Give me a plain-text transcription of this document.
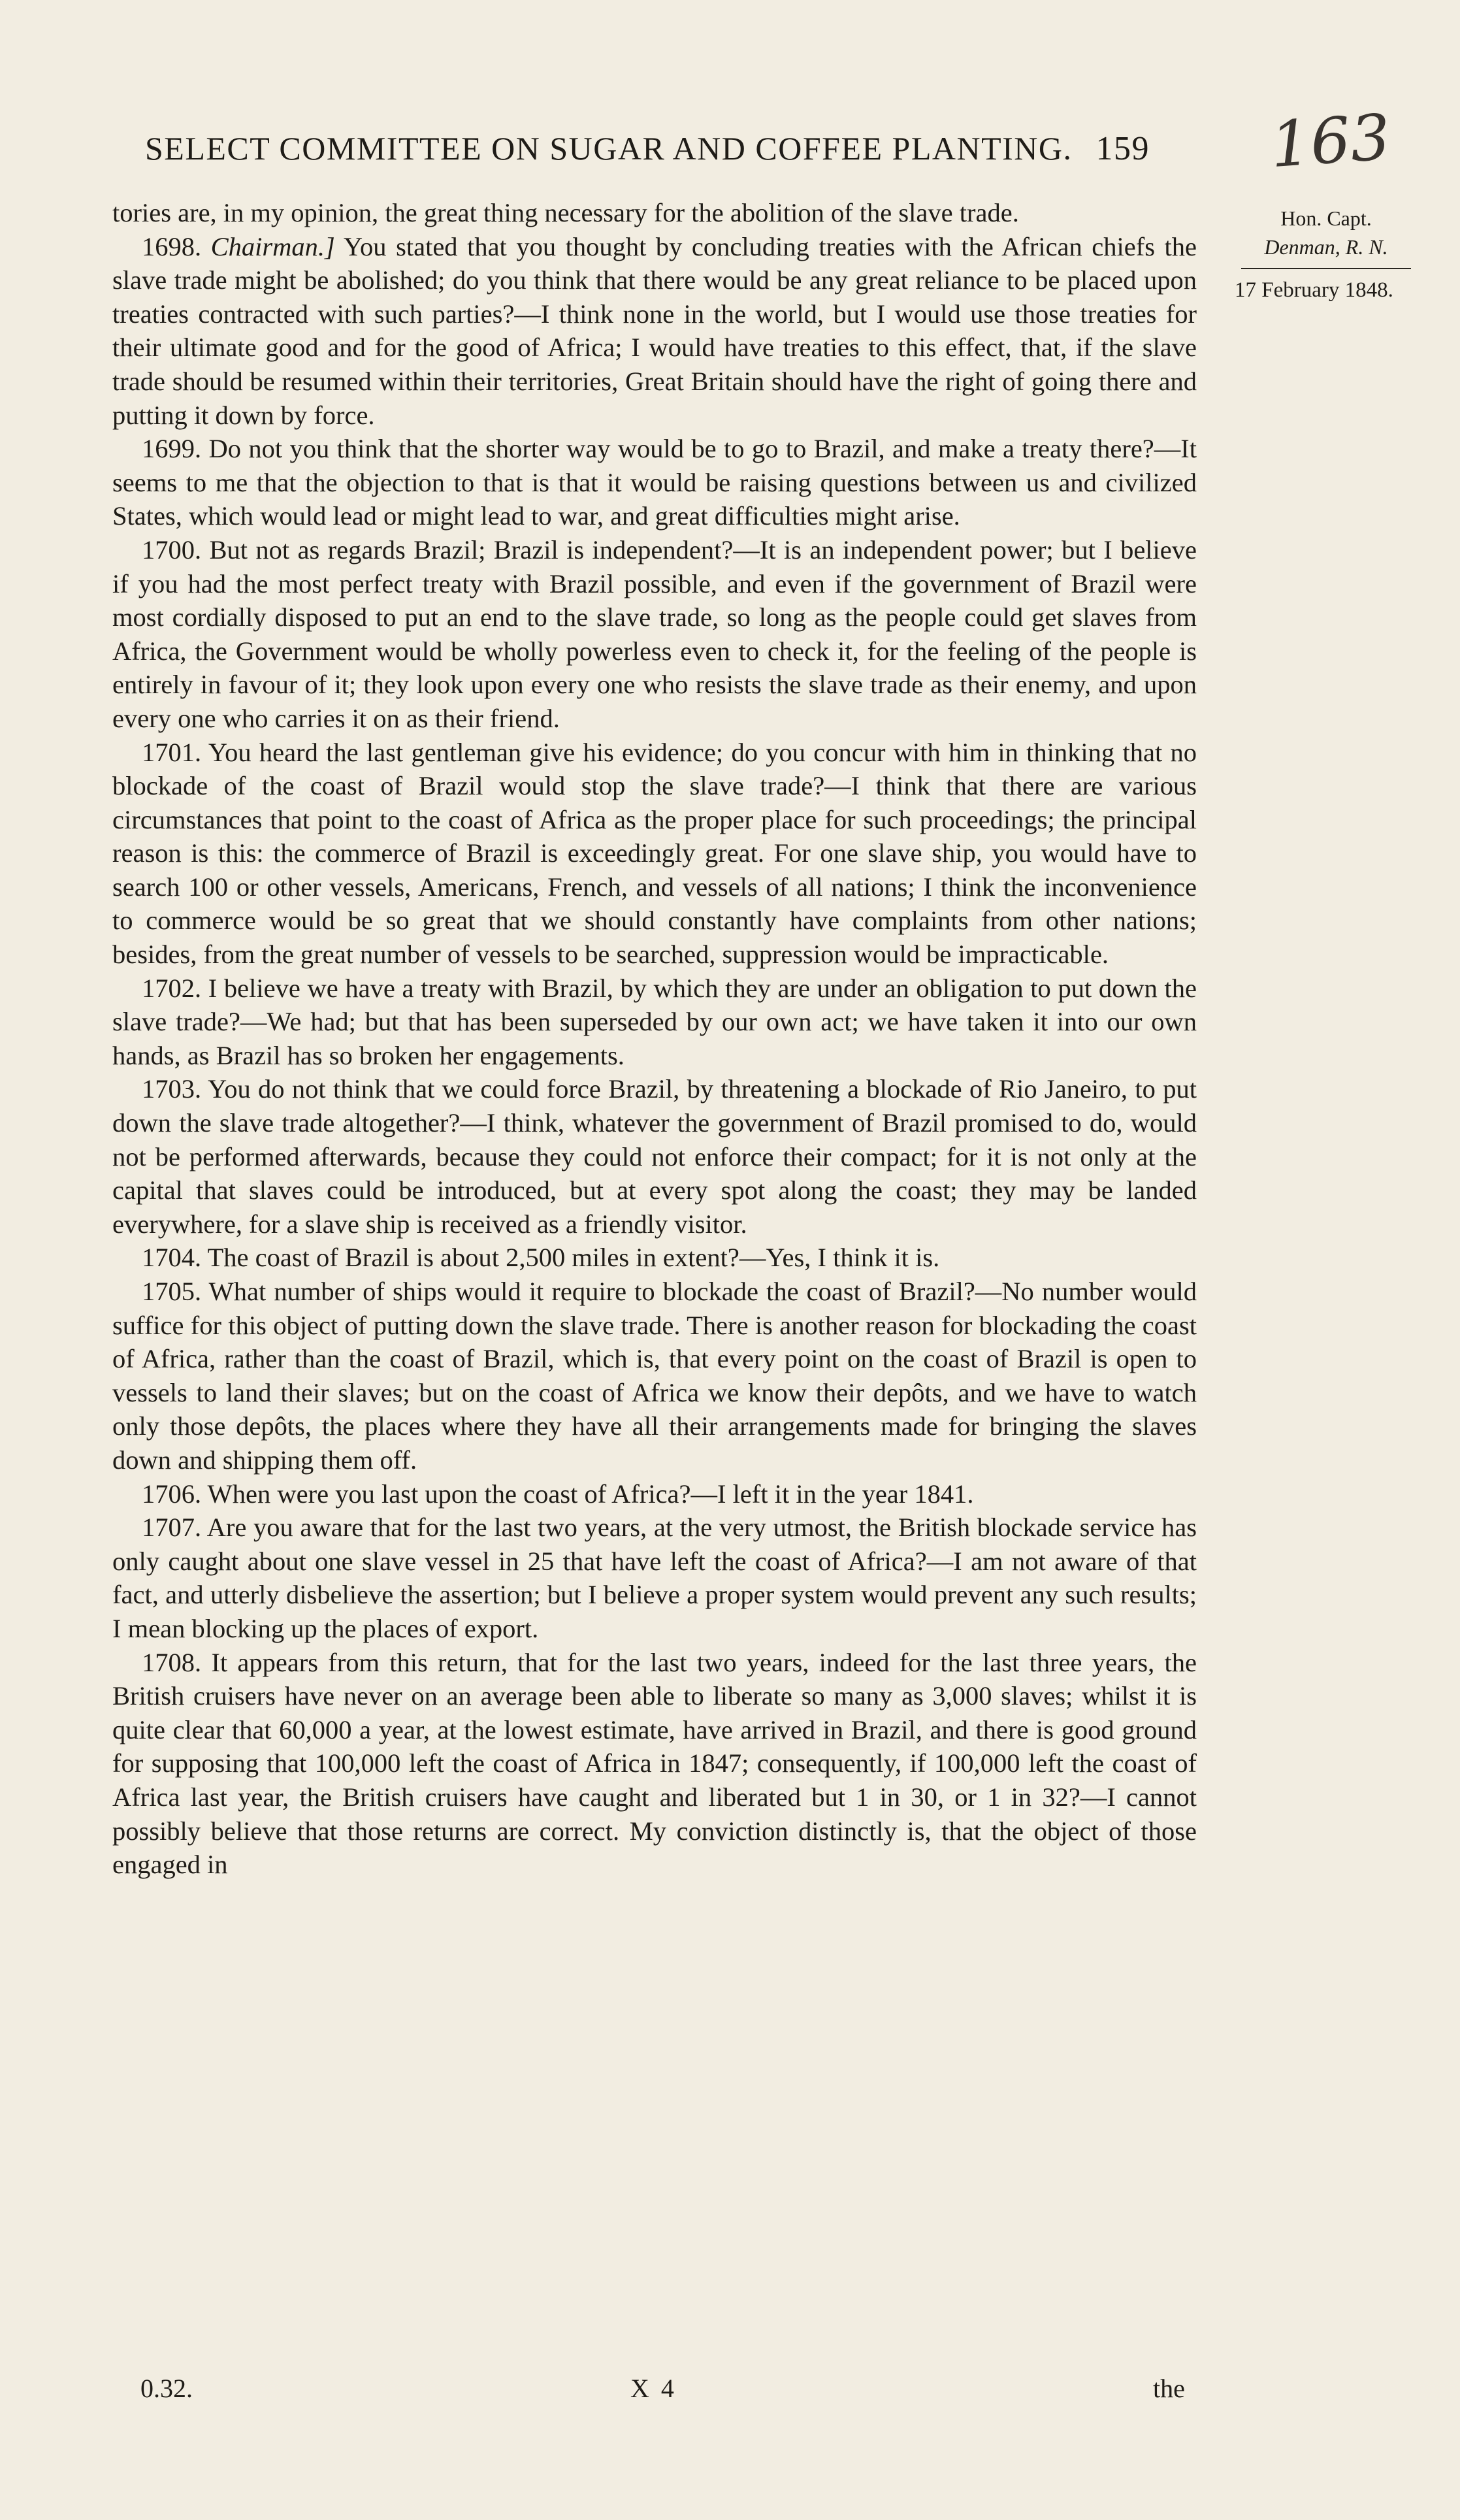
SELECT COMMITTEE ON SUGAR AND COFFEE PLANTING. 159	163
Hon. Capt.
Denman, R. N.
17 February 1848.

tories are, in my opinion, the great thing necessary for the abolition of the slave trade.

1698. Chairman.] You stated that you thought by concluding treaties with the African chiefs the slave trade might be abolished; do you think that there would be any great reliance to be placed upon treaties contracted with such parties?—I think none in the world, but I would use those treaties for their ultimate good and for the good of Africa; I would have treaties to this effect, that, if the slave trade should be resumed within their territories, Great Britain should have the right of going there and putting it down by force.

1699. Do not you think that the shorter way would be to go to Brazil, and make a treaty there?—It seems to me that the objection to that is that it would be raising questions between us and civilized States, which would lead or might lead to war, and great difficulties might arise.

1700. But not as regards Brazil; Brazil is independent?—It is an independent power; but I believe if you had the most perfect treaty with Brazil possible, and even if the government of Brazil were most cordially disposed to put an end to the slave trade, so long as the people could get slaves from Africa, the Government would be wholly powerless even to check it, for the feeling of the people is entirely in favour of it; they look upon every one who resists the slave trade as their enemy, and upon every one who carries it on as their friend.

1701. You heard the last gentleman give his evidence; do you concur with him in thinking that no blockade of the coast of Brazil would stop the slave trade?—I think that there are various circumstances that point to the coast of Africa as the proper place for such proceedings; the principal reason is this: the commerce of Brazil is exceedingly great. For one slave ship, you would have to search 100 or other vessels, Americans, French, and vessels of all nations; I think the inconvenience to commerce would be so great that we should constantly have complaints from other nations; besides, from the great number of vessels to be searched, suppression would be impracticable.

1702. I believe we have a treaty with Brazil, by which they are under an obligation to put down the slave trade?—We had; but that has been superseded by our own act; we have taken it into our own hands, as Brazil has so broken her engagements.

1703. You do not think that we could force Brazil, by threatening a blockade of Rio Janeiro, to put down the slave trade altogether?—I think, whatever the government of Brazil promised to do, would not be performed afterwards, because they could not enforce their compact; for it is not only at the capital that slaves could be introduced, but at every spot along the coast; they may be landed everywhere, for a slave ship is received as a friendly visitor.

1704. The coast of Brazil is about 2,500 miles in extent?—Yes, I think it is.

1705. What number of ships would it require to blockade the coast of Brazil?—No number would suffice for this object of putting down the slave trade. There is another reason for blockading the coast of Africa, rather than the coast of Brazil, which is, that every point on the coast of Brazil is open to vessels to land their slaves; but on the coast of Africa we know their depôts, and we have to watch only those depôts, the places where they have all their arrangements made for bringing the slaves down and shipping them off.

1706. When were you last upon the coast of Africa?—I left it in the year 1841.

1707. Are you aware that for the last two years, at the very utmost, the British blockade service has only caught about one slave vessel in 25 that have left the coast of Africa?—I am not aware of that fact, and utterly disbelieve the assertion; but I believe a proper system would prevent any such results; I mean blocking up the places of export.

1708. It appears from this return, that for the last two years, indeed for the last three years, the British cruisers have never on an average been able to liberate so many as 3,000 slaves; whilst it is quite clear that 60,000 a year, at the lowest estimate, have arrived in Brazil, and there is good ground for supposing that 100,000 left the coast of Africa in 1847; consequently, if 100,000 left the coast of Africa last year, the British cruisers have caught and liberated but 1 in 30, or 1 in 32?—I cannot possibly believe that those returns are correct. My conviction distinctly is, that the object of those engaged in

0.32.	X 4	the
